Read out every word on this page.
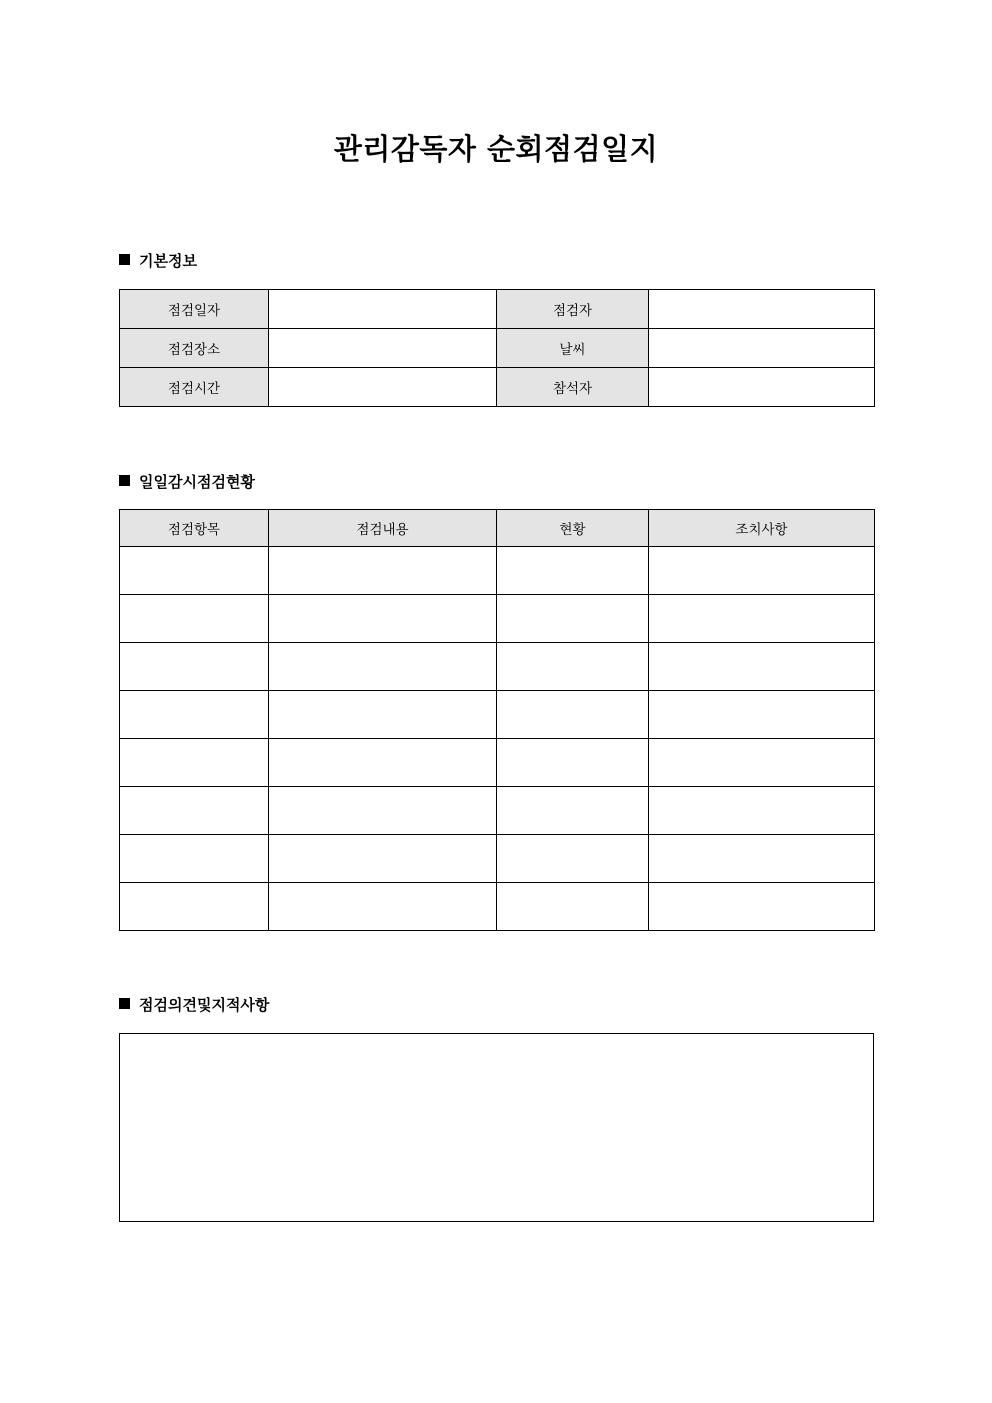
관리감독자 순회점검일지
기본정보
점검일자		점검자	
점검장소		날씨	
점검시간		참석자	
일일감시점검현황
점검항목	점검내용	현황	조치사항

점검의견및지적사항
